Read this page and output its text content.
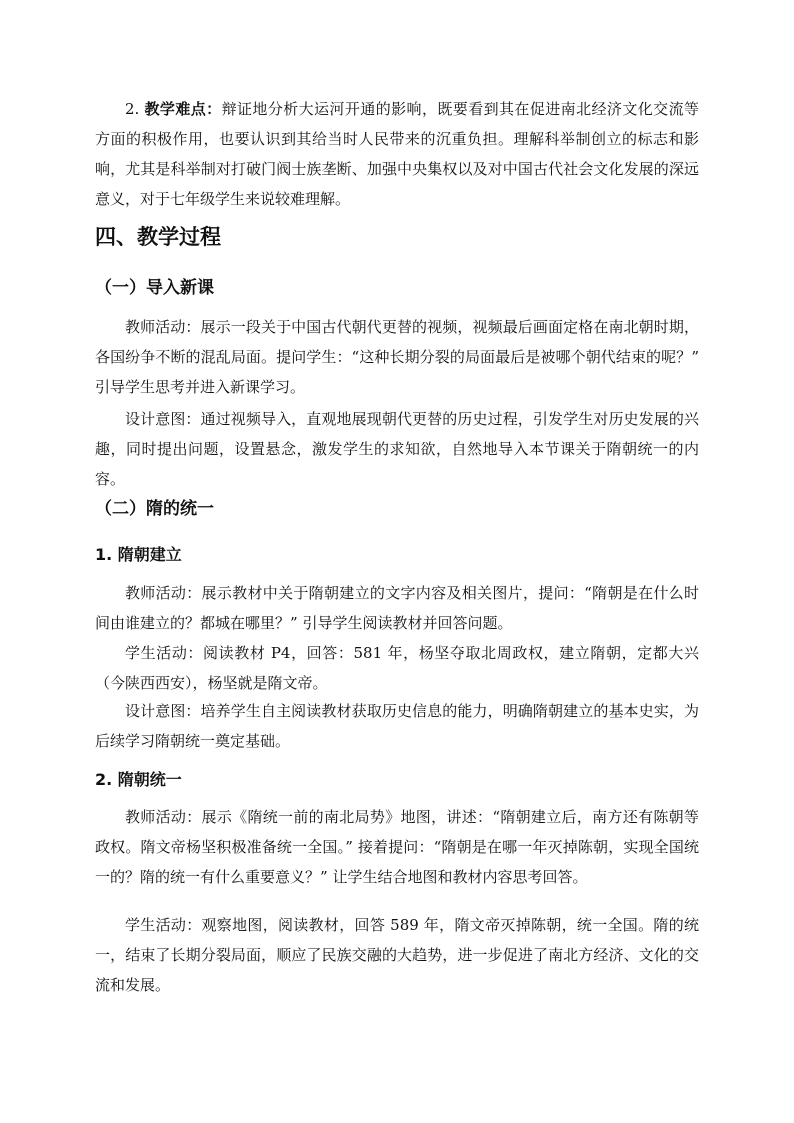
2. 教学难点：辩证地分析大运河开通的影响，既要看到其在促进南北经济文化交流等方面的积极作用，也要认识到其给当时人民带来的沉重负担。理解科举制创立的标志和影响，尤其是科举制对打破门阀士族垄断、加强中央集权以及对中国古代社会文化发展的深远意义，对于七年级学生来说较难理解。

四、教学过程
（一）导入新课

教师活动：展示一段关于中国古代朝代更替的视频，视频最后画面定格在南北朝时期，各国纷争不断的混乱局面。提问学生：“这种长期分裂的局面最后是被哪个朝代结束的呢？” 引导学生思考并进入新课学习。

设计意图：通过视频导入，直观地展现朝代更替的历史过程，引发学生对历史发展的兴趣，同时提出问题，设置悬念，激发学生的求知欲，自然地导入本节课关于隋朝统一的内容。

（二）隋的统一
1. 隋朝建立

教师活动：展示教材中关于隋朝建立的文字内容及相关图片，提问：“隋朝是在什么时间由谁建立的？都城在哪里？” 引导学生阅读教材并回答问题。

学生活动：阅读教材 P4，回答：581 年，杨坚夺取北周政权，建立隋朝，定都大兴（今陕西西安），杨坚就是隋文帝。

设计意图：培养学生自主阅读教材获取历史信息的能力，明确隋朝建立的基本史实，为后续学习隋朝统一奠定基础。

2. 隋朝统一

教师活动：展示《隋统一前的南北局势》地图，讲述：“隋朝建立后，南方还有陈朝等政权。隋文帝杨坚积极准备统一全国。” 接着提问：“隋朝是在哪一年灭掉陈朝，实现全国统一的？隋的统一有什么重要意义？” 让学生结合地图和教材内容思考回答。

学生活动：观察地图，阅读教材，回答 589 年，隋文帝灭掉陈朝，统一全国。隋的统一，结束了长期分裂局面，顺应了民族交融的大趋势，进一步促进了南北方经济、文化的交流和发展。
